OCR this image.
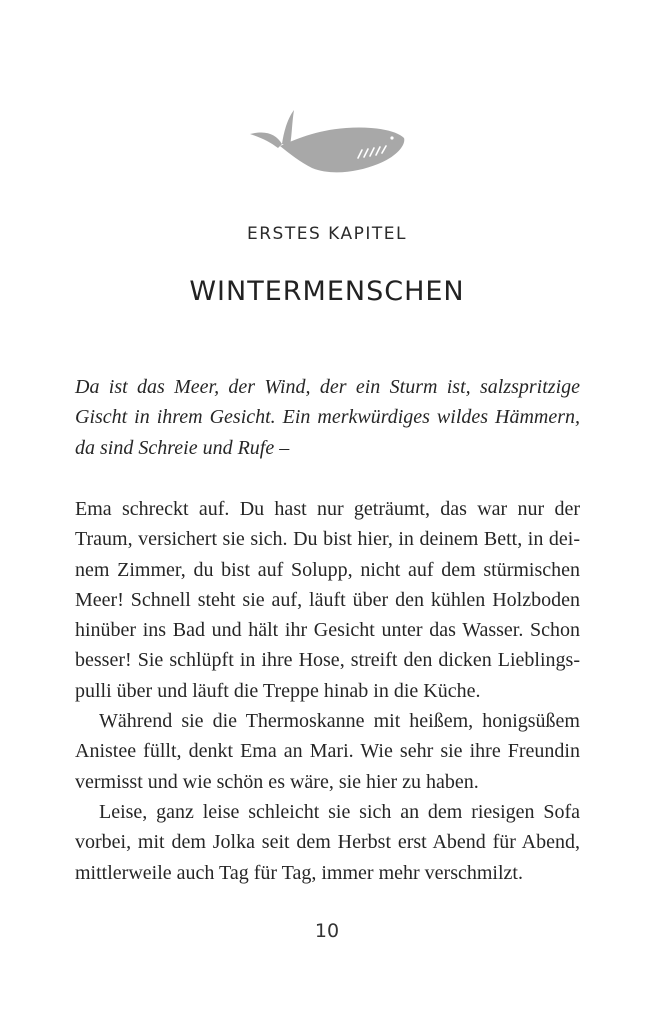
ERSTES KAPITEL
WINTERMENSCHEN
Da ist das Meer, der Wind, der ein Sturm ist, salzspritzige Gischt in ihrem Gesicht. Ein merkwürdiges wildes Hämmern, da sind Schreie und Rufe –

Ema schreckt auf. Du hast nur geträumt, das war nur der Traum, versichert sie sich. Du bist hier, in deinem Bett, in deinem Zimmer, du bist auf Solupp, nicht auf dem stürmischen Meer! Schnell steht sie auf, läuft über den kühlen Holzboden hinüber ins Bad und hält ihr Gesicht unter das Wasser. Schon besser! Sie schlüpft in ihre Hose, streift den dicken Lieblingspulli über und läuft die Treppe hinab in die Küche.

Während sie die Thermoskanne mit heißem, honigsüßem Anistee füllt, denkt Ema an Mari. Wie sehr sie ihre Freundin vermisst und wie schön es wäre, sie hier zu haben.

Leise, ganz leise schleicht sie sich an dem riesigen Sofa vorbei, mit dem Jolka seit dem Herbst erst Abend für Abend, mittlerweile auch Tag für Tag, immer mehr verschmilzt.

10
